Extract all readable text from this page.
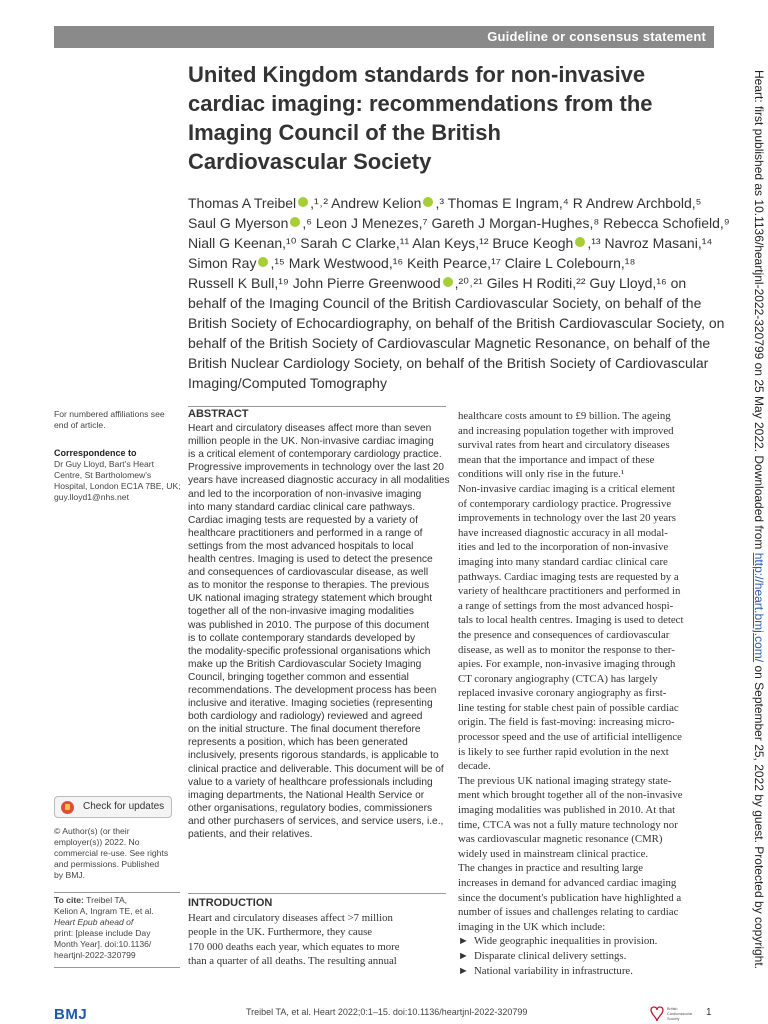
Guideline or consensus statement
United Kingdom standards for non-invasive
cardiac imaging: recommendations from the
Imaging Council of the British
Cardiovascular Society
Thomas A Treibel ,¹˒² Andrew Kelion ,³ Thomas E Ingram,⁴ R Andrew Archbold,⁵
Saul G Myerson ,⁶ Leon J Menezes,⁷ Gareth J Morgan-Hughes,⁸ Rebecca Schofield,⁹
Niall G Keenan,¹⁰ Sarah C Clarke,¹¹ Alan Keys,¹² Bruce Keogh ,¹³ Navroz Masani,¹⁴
Simon Ray ,¹⁵ Mark Westwood,¹⁶ Keith Pearce,¹⁷ Claire L Colebourn,¹⁸
Russell K Bull,¹⁹ John Pierre Greenwood ,²⁰˒²¹ Giles H Roditi,²² Guy Lloyd,¹⁶ on
behalf of the Imaging Council of the British Cardiovascular Society, on behalf of the
British Society of Echocardiography, on behalf of the British Cardiovascular Society, on
behalf of the British Society of Cardiovascular Magnetic Resonance, on behalf of the
British Nuclear Cardiology Society, on behalf of the British Society of Cardiovascular
Imaging/Computed Tomography
For numbered affiliations see
end of article.
Correspondence to
Dr Guy Lloyd, Bart's Heart
Centre, St Bartholomew's
Hospital, London EC1A 7BE, UK;
guy.lloyd1@nhs.net
Check for updates
© Author(s) (or their
employer(s)) 2022. No
commercial re-use. See rights
and permissions. Published
by BMJ.
To cite: Treibel TA,
Kelion A, Ingram TE, et al.
Heart Epub ahead of
print: [please include Day
Month Year]. doi:10.1136/
heartjnl-2022-320799
ABSTRACT
Heart and circulatory diseases affect more than seven
million people in the UK. Non-invasive cardiac imaging
is a critical element of contemporary cardiology practice.
Progressive improvements in technology over the last 20
years have increased diagnostic accuracy in all modalities
and led to the incorporation of non-invasive imaging
into many standard cardiac clinical care pathways.
Cardiac imaging tests are requested by a variety of
healthcare practitioners and performed in a range of
settings from the most advanced hospitals to local
health centres. Imaging is used to detect the presence
and consequences of cardiovascular disease, as well
as to monitor the response to therapies. The previous
UK national imaging strategy statement which brought
together all of the non-invasive imaging modalities
was published in 2010. The purpose of this document
is to collate contemporary standards developed by
the modality-specific professional organisations which
make up the British Cardiovascular Society Imaging
Council, bringing together common and essential
recommendations. The development process has been
inclusive and iterative. Imaging societies (representing
both cardiology and radiology) reviewed and agreed
on the initial structure. The final document therefore
represents a position, which has been generated
inclusively, presents rigorous standards, is applicable to
clinical practice and deliverable. This document will be of
value to a variety of healthcare professionals including
imaging departments, the National Health Service or
other organisations, regulatory bodies, commissioners
and other purchasers of services, and service users, i.e.,
patients, and their relatives.
INTRODUCTION
Heart and circulatory diseases affect >7 million
people in the UK. Furthermore, they cause
170 000 deaths each year, which equates to more
than a quarter of all deaths. The resulting annual
healthcare costs amount to £9 billion. The ageing
and increasing population together with improved
survival rates from heart and circulatory diseases
mean that the importance and impact of these
conditions will only rise in the future.¹
Non-invasive cardiac imaging is a critical element
of contemporary cardiology practice. Progressive
improvements in technology over the last 20 years
have increased diagnostic accuracy in all modal-
ities and led to the incorporation of non-invasive
imaging into many standard cardiac clinical care
pathways. Cardiac imaging tests are requested by a
variety of healthcare practitioners and performed in
a range of settings from the most advanced hospi-
tals to local health centres. Imaging is used to detect
the presence and consequences of cardiovascular
disease, as well as to monitor the response to ther-
apies. For example, non-invasive imaging through
CT coronary angiography (CTCA) has largely
replaced invasive coronary angiography as first-
line testing for stable chest pain of possible cardiac
origin. The field is fast-moving: increasing micro-
processor speed and the use of artificial intelligence
is likely to see further rapid evolution in the next
decade.
The previous UK national imaging strategy state-
ment which brought together all of the non-invasive
imaging modalities was published in 2010. At that
time, CTCA was not a fully mature technology nor
was cardiovascular magnetic resonance (CMR)
widely used in mainstream clinical practice.
The changes in practice and resulting large
increases in demand for advanced cardiac imaging
since the document's publication have highlighted a
number of issues and challenges relating to cardiac
imaging in the UK which include:
► Wide geographic inequalities in provision.
► Disparate clinical delivery settings.
► National variability in infrastructure.
Heart: first published as 10.1136/heartjnl-2022-320799 on 25 May 2022. Downloaded from http://heart.bmj.com/ on September 25, 2022 by guest. Protected by copyright.
BMJ	Treibel TA, et al. Heart 2022;0:1–15. doi:10.1136/heartjnl-2022-320799	British
Cardiovascular
Society
1
